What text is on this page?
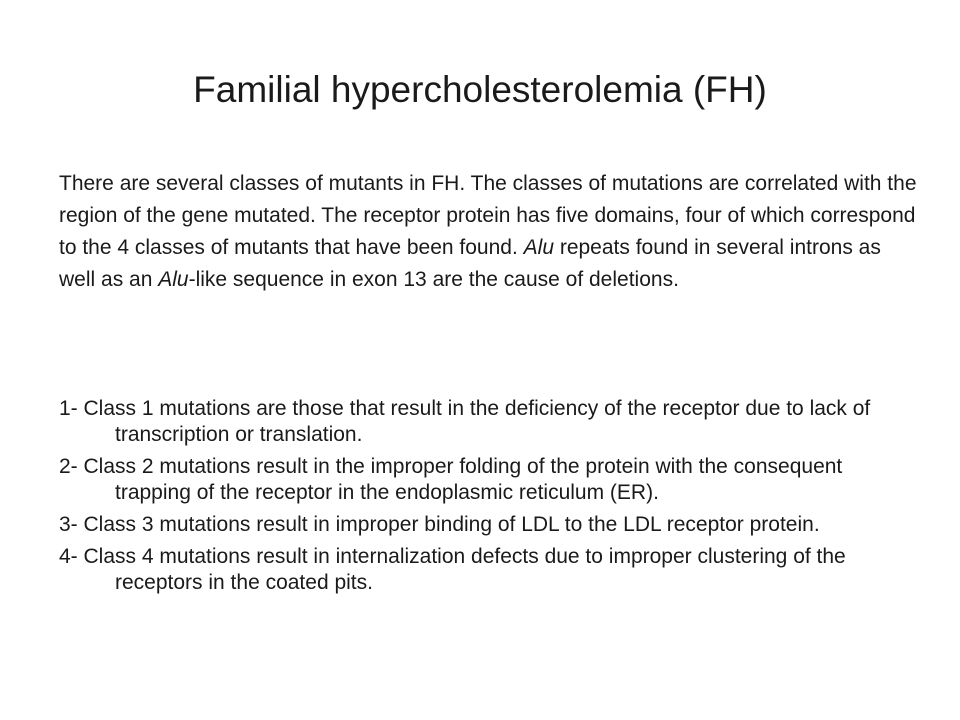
Familial hypercholesterolemia (FH)

There are several classes of mutants in FH. The classes of mutations are correlated with the region of the gene mutated. The receptor protein has five domains, four of which correspond to the 4 classes of mutants that have been found. Alu repeats found in several introns as well as an Alu-like sequence in exon 13 are the cause of deletions.

1- Class 1 mutations are those that result in the deficiency of the receptor due to lack of transcription or translation.
2- Class 2 mutations result in the improper folding of the protein with the consequent trapping of the receptor in the endoplasmic reticulum (ER).
3- Class 3 mutations result in improper binding of LDL to the LDL receptor protein.
4- Class 4 mutations result in internalization defects due to improper clustering of the receptors in the coated pits.
